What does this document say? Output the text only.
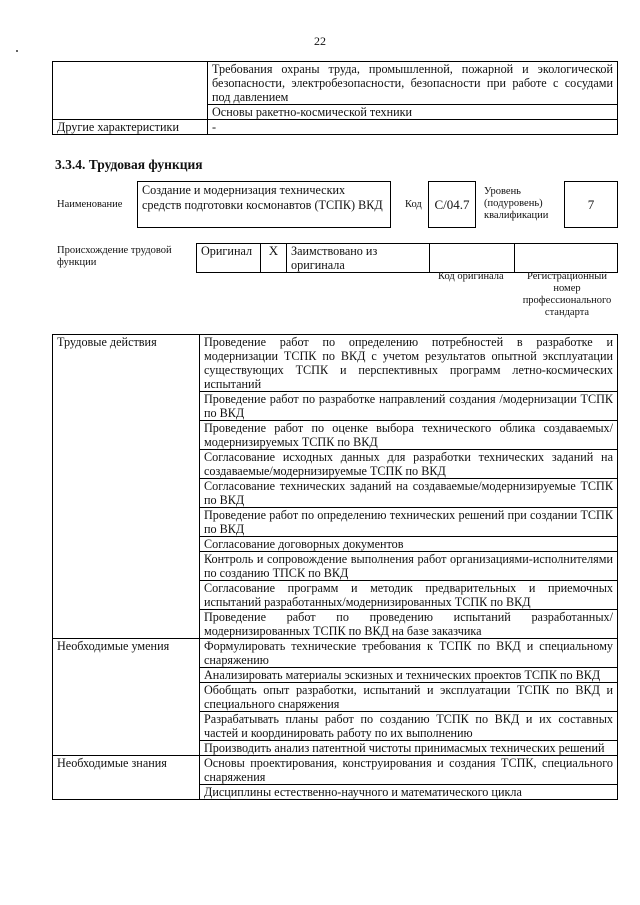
22
	Требования охраны труда, промышленной, пожарной и экологической безопасности, электробезопасности, безопасности при работе с сосудами под давлением
	Основы ракетно-космической техники
Другие характеристики	-
3.3.4. Трудовая функция
Наименование
Создание и модернизация технических средств подготовки космонавтов (ТСПК) ВКД	Код С/04.7
Уровень (подуровень) квалификации
7
Происхождение трудовой функции
Оригинал	X	Заимствовано из оригинала		
Код оригинала	Регистрационный номер профессионального стандарта
Трудовые действия	Проведение работ по определению потребностей в разработке и модернизации ТСПК по ВКД с учетом результатов опытной эксплуатации существующих ТСПК и перспективных программ летно-космических испытаний
	Проведение работ по разработке направлений создания /модернизации ТСПК по ВКД
	Проведение работ по оценке выбора технического облика создаваемых/модернизируемых ТСПК по ВКД
	Согласование исходных данных для разработки технических заданий на создаваемые/модернизируемые ТСПК по ВКД
	Согласование технических заданий на создаваемые/модернизируемые ТСПК по ВКД
	Проведение работ по определению технических решений при создании ТСПК по ВКД
	Согласование договорных документов
	Контроль и сопровождение выполнения работ организациями-исполнителями по созданию ТПСК по ВКД
	Согласование программ и методик предварительных и приемочных испытаний разработанных/модернизированных ТСПК по ВКД
	Проведение работ по проведению испытаний разработанных/модернизированных ТСПК по ВКД на базе заказчика
Необходимые умения	Формулировать технические требования к ТСПК по ВКД и специальному снаряжению
	Анализировать материалы эскизных и технических проектов ТСПК по ВКД
	Обобщать опыт разработки, испытаний и эксплуатации ТСПК по ВКД и специального снаряжения
	Разрабатывать планы работ по созданию ТСПК по ВКД и их составных частей и координировать работу по их выполнению
	Производить анализ патентной чистоты принимасмых технических решений
Необходимые знания	Основы проектирования, конструирования и создания ТСПК, специального снаряжения
	Дисциплины естественно-научного и математического цикла
